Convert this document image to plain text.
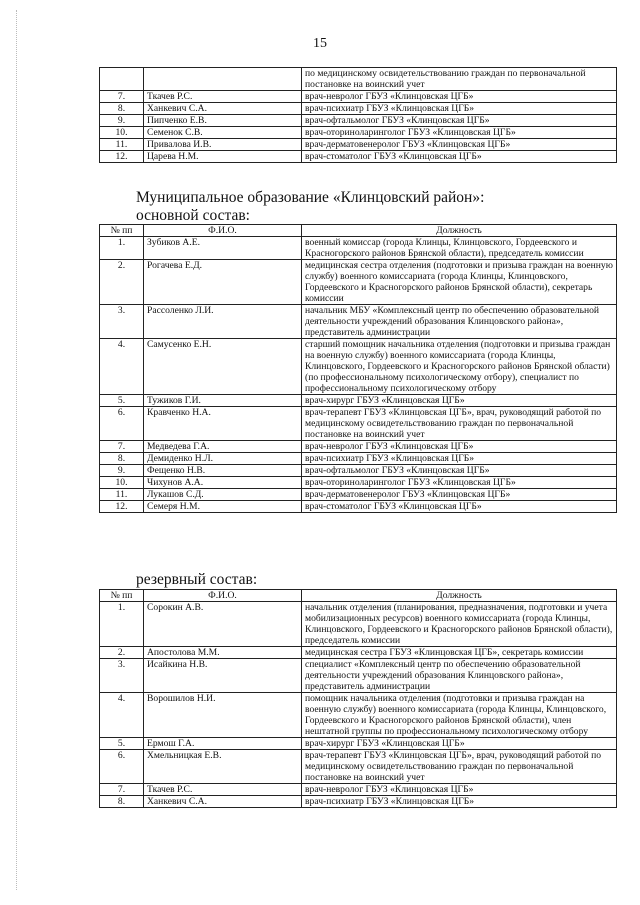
15
		по медицинскому освидетельствованию граждан по первоначальной постановке на воинский учет
7.	Ткачев Р.С.	врач-невролог ГБУЗ «Клинцовская ЦГБ»
8.	Ханкевич С.А.	врач-психиатр ГБУЗ «Клинцовская ЦГБ»
9.	Пипченко Е.В.	врач-офтальмолог ГБУЗ «Клинцовская ЦГБ»
10.	Семенок С.В.	врач-оториноларинголог ГБУЗ «Клинцовская ЦГБ»
11.	Привалова И.В.	врач-дерматовенеролог ГБУЗ «Клинцовская ЦГБ»
12.	Царева Н.М.	врач-стоматолог ГБУЗ «Клинцовская ЦГБ»
Муниципальное образование «Клинцовский район»:
основной состав:
№ пп	Ф.И.О.	Должность
1.	Зубиков А.Е.	военный комиссар (города Клинцы, Клинцовского, Гордеевского и Красногорского районов Брянской области), председатель комиссии
2.	Рогачева Е.Д.	медицинская сестра отделения (подготовки и призыва граждан на военную службу) военного комиссариата (города Клинцы, Клинцовского, Гордеевского и Красногорского районов Брянской области), секретарь комиссии
3.	Рассоленко Л.И.	начальник МБУ «Комплексный центр по обеспечению образовательной деятельности учреждений образования Клинцовского района», представитель администрации
4.	Самусенко Е.Н.	старший помощник начальника отделения (подготовки и призыва граждан на военную службу) военного комиссариата (города Клинцы, Клинцовского, Гордеевского и Красногорского районов Брянской области) (по профессиональному психологическому отбору), специалист по профессиональному психологическому отбору
5.	Тужиков Г.И.	врач-хирург ГБУЗ «Клинцовская ЦГБ»
6.	Кравченко Н.А.	врач-терапевт ГБУЗ «Клинцовская ЦГБ», врач, руководящий работой по медицинскому освидетельствованию граждан по первоначальной постановке на воинский учет
7.	Медведева Г.А.	врач-невролог ГБУЗ «Клинцовская ЦГБ»
8.	Демиденко Н.Л.	врач-психиатр ГБУЗ «Клинцовская ЦГБ»
9.	Фещенко Н.В.	врач-офтальмолог ГБУЗ «Клинцовская ЦГБ»
10.	Чихунов А.А.	врач-оториноларинголог ГБУЗ «Клинцовская ЦГБ»
11.	Лукашов С.Д.	врач-дерматовенеролог ГБУЗ «Клинцовская ЦГБ»
12.	Семеря Н.М.	врач-стоматолог ГБУЗ «Клинцовская ЦГБ»
резервный состав:
№ пп	Ф.И.О.	Должность
1.	Сорокин А.В.	начальник отделения (планирования, предназначения, подготовки и учета мобилизационных ресурсов) военного комиссариата (города Клинцы, Клинцовского, Гордеевского и Красногорского районов Брянской области), председатель комиссии
2.	Апостолова М.М.	медицинская сестра ГБУЗ «Клинцовская ЦГБ», секретарь комиссии
3.	Исайкина Н.В.	специалист «Комплексный центр по обеспечению образовательной деятельности учреждений образования Клинцовского района», представитель администрации
4.	Ворошилов Н.И.	помощник начальника отделения (подготовки и призыва граждан на военную службу) военного комиссариата (города Клинцы, Клинцовского, Гордеевского и Красногорского районов Брянской области), член нештатной группы по профессиональному психологическому отбору
5.	Ермош Г.А.	врач-хирург ГБУЗ «Клинцовская ЦГБ»
6.	Хмельницкая Е.В.	врач-терапевт ГБУЗ «Клинцовская ЦГБ», врач, руководящий работой по медицинскому освидетельствованию граждан по первоначальной постановке на воинский учет
7.	Ткачев Р.С.	врач-невролог ГБУЗ «Клинцовская ЦГБ»
8.	Ханкевич С.А.	врач-психиатр ГБУЗ «Клинцовская ЦГБ»
